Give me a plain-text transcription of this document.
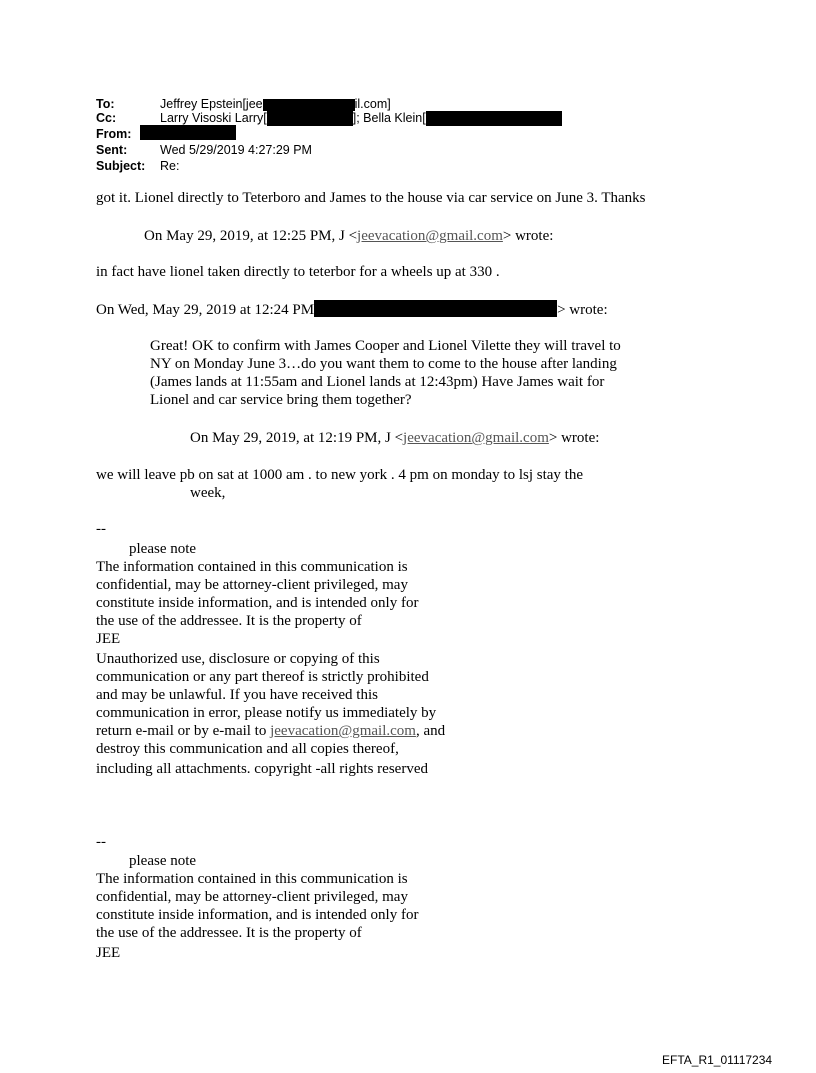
To:	Jeffrey Epstein[jee	il.com]
Cc:	Larry Visoski Larry[	]; Bella Klein[
From:
Sent:	Wed 5/29/2019 4:27:29 PM
Subject: Re:
got it. Lionel directly to Teterboro and James to the house via car service on June 3. Thanks
On May 29, 2019, at 12:25 PM, J <jeevacation@gmail.com> wrote:
in fact have lionel taken directly to teterbor for a wheels up at 330 .
On Wed, May 29, 2019 at 12:24 PM	> wrote:
Great! OK to confirm with James Cooper and Lionel Vilette they will travel to
NY on Monday June 3…do you want them to come to the house after landing
(James lands at 11:55am and Lionel lands at 12:43pm) Have James wait for
Lionel and car service bring them together?
On May 29, 2019, at 12:19 PM, J <jeevacation@gmail.com> wrote:
we will leave pb on sat at 1000 am . to new york . 4 pm on monday to lsj stay the
week,
--
please note
The information contained in this communication is
confidential, may be attorney-client privileged, may
constitute inside information, and is intended only for
the use of the addressee. It is the property of
JEE
Unauthorized use, disclosure or copying of this
communication or any part thereof is strictly prohibited
and may be unlawful. If you have received this
communication in error, please notify us immediately by
return e-mail or by e-mail to jeevacation@gmail.com, and
destroy this communication and all copies thereof,
including all attachments. copyright -all rights reserved
--
please note
The information contained in this communication is
confidential, may be attorney-client privileged, may
constitute inside information, and is intended only for
the use of the addressee. It is the property of
JEE
EFTA_R1_01117234
